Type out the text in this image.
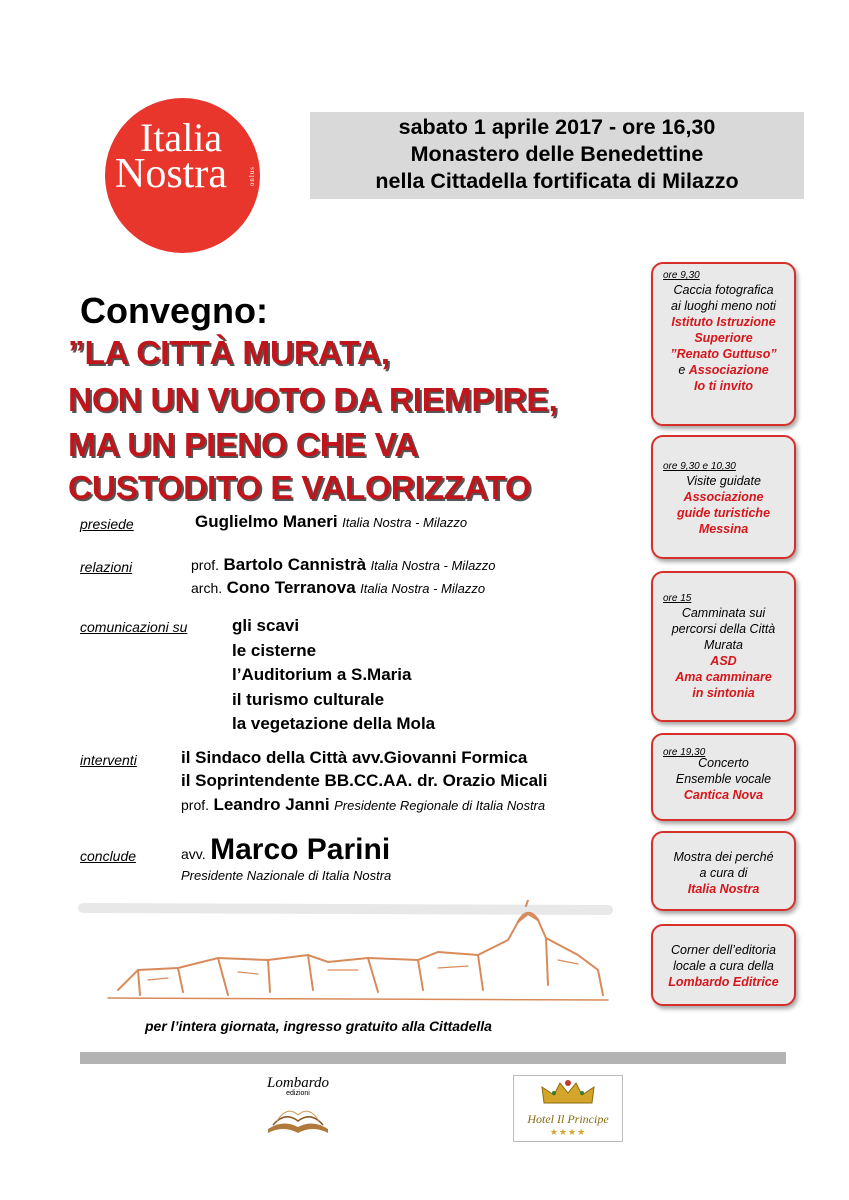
Italia
Nostra	onlus
sabato 1 aprile 2017 - ore 16,30
Monastero delle Benedettine
nella Cittadella fortificata di Milazzo
Convegno:
”LA CITTÀ MURATA,
NON UN VUOTO DA RIEMPIRE,
MA UN PIENO CHE VA
CUSTODITO E VALORIZZATO
presiede	Guglielmo Maneri Italia Nostra - Milazzo
relazioni	prof. Bartolo Cannistrà Italia Nostra - Milazzo
arch. Cono Terranova Italia Nostra - Milazzo
comunicazioni su	gli scavi
le cisterne
l’Auditorium a S.Maria
il turismo culturale
la vegetazione della Mola
interventi	il Sindaco della Città avv.Giovanni Formica
il Soprintendente BB.CC.AA. dr. Orazio Micali
prof. Leandro Janni Presidente Regionale di Italia Nostra
conclude	avv. Marco Parini
Presidente Nazionale di Italia Nostra
per l’intera giornata, ingresso gratuito alla Cittadella
Lombardo
edizioni
Hotel Il Principe
★★★★
ore 9,30
Caccia fotografica
ai luoghi meno noti
Istituto Istruzione
Superiore
”Renato Guttuso”
e Associazione
Io ti invito
ore 9,30 e 10,30
Visite guidate
Associazione
guide turistiche
Messina
ore 15
Camminata sui
percorsi della Città
Murata
ASD
Ama camminare
in sintonia
ore 19,30
Concerto
Ensemble vocale
Cantica Nova
Mostra dei perché
a cura di
Italia Nostra
Corner dell’editoria
locale a cura della
Lombardo Editrice
